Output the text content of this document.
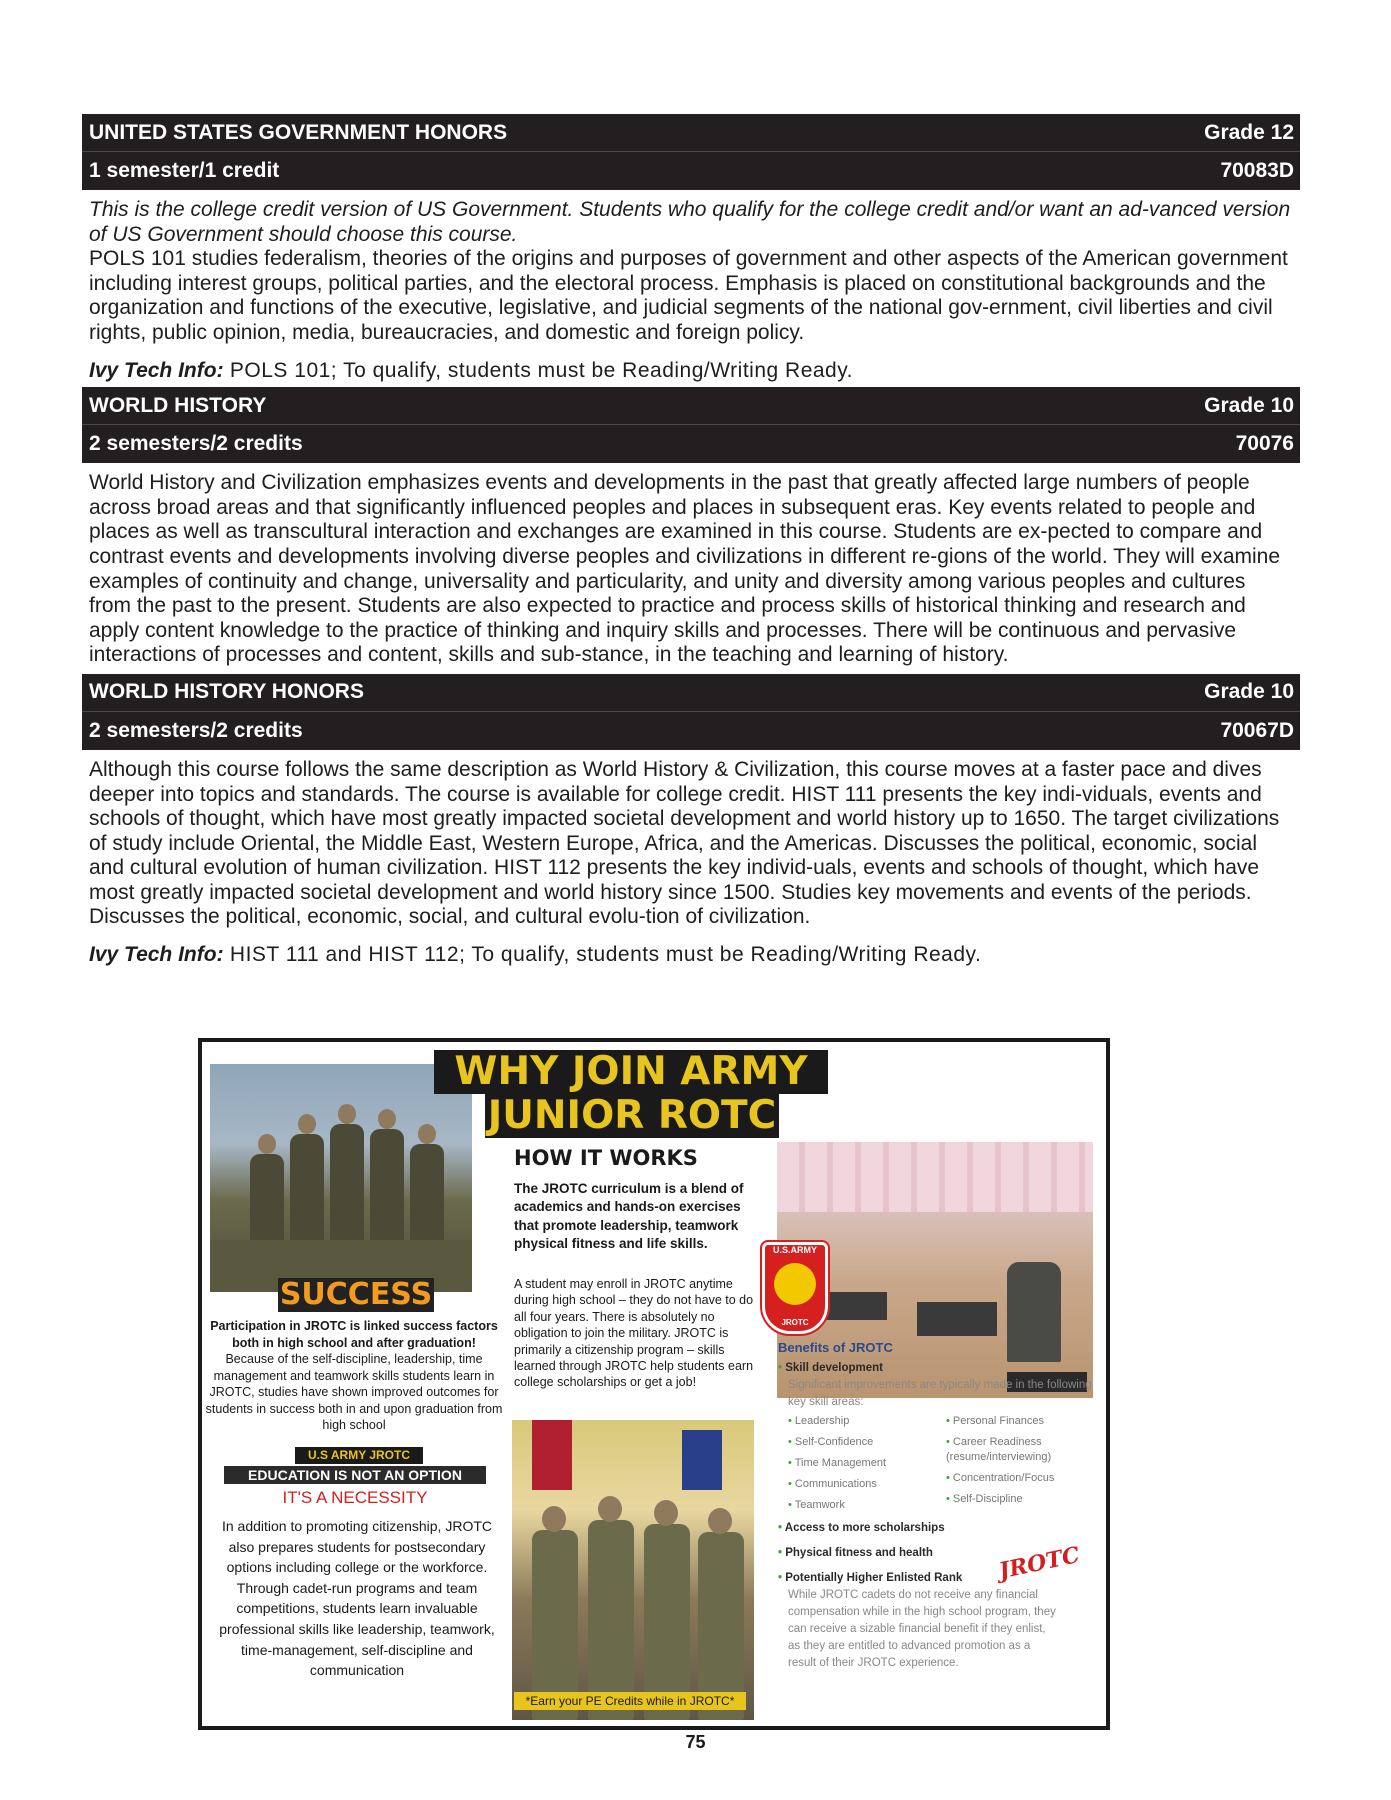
UNITED STATES GOVERNMENT HONORS	Grade 12
1 semester/1 credit	70083D

This is the college credit version of US Government. Students who qualify for the college credit and/or want an ad-vanced version of US Government should choose this course.

POLS 101 studies federalism, theories of the origins and purposes of government and other aspects of the American government including interest groups, political parties, and the electoral process. Emphasis is placed on constitutional backgrounds and the organization and functions of the executive, legislative, and judicial segments of the national gov-ernment, civil liberties and civil rights, public opinion, media, bureaucracies, and domestic and foreign policy.

Ivy Tech Info: POLS 101; To qualify, students must be Reading/Writing Ready.

WORLD HISTORY	Grade 10
2 semesters/2 credits	70076

World History and Civilization emphasizes events and developments in the past that greatly affected large numbers of people across broad areas and that significantly influenced peoples and places in subsequent eras. Key events related to people and places as well as transcultural interaction and exchanges are examined in this course. Students are ex-pected to compare and contrast events and developments involving diverse peoples and civilizations in different re-gions of the world. They will examine examples of continuity and change, universality and particularity, and unity and diversity among various peoples and cultures from the past to the present. Students are also expected to practice and process skills of historical thinking and research and apply content knowledge to the practice of thinking and inquiry skills and processes. There will be continuous and pervasive interactions of processes and content, skills and sub-stance, in the teaching and learning of history.

WORLD HISTORY HONORS	Grade 10
2 semesters/2 credits	70067D

Although this course follows the same description as World History & Civilization, this course moves at a faster pace and dives deeper into topics and standards. The course is available for college credit. HIST 111 presents the key indi-viduals, events and schools of thought, which have most greatly impacted societal development and world history up to 1650. The target civilizations of study include Oriental, the Middle East, Western Europe, Africa, and the Americas. Discusses the political, economic, social and cultural evolution of human civilization. HIST 112 presents the key individ-uals, events and schools of thought, which have most greatly impacted societal development and world history since 1500. Studies key movements and events of the periods. Discusses the political, economic, social, and cultural evolu-tion of civilization.

Ivy Tech Info: HIST 111 and HIST 112; To qualify, students must be Reading/Writing Ready.

WHY JOIN ARMY
JUNIOR ROTC
SUCCESS
Participation in JROTC is linked success factors both in high school and after graduation!
Because of the self-discipline, leadership, time management and teamwork skills students learn in JROTC, studies have shown improved outcomes for students in success both in and upon graduation from high school
U.S ARMY JROTC
EDUCATION IS NOT AN OPTION
IT'S A NECESSITY
In addition to promoting citizenship, JROTC also prepares students for postsecondary options including college or the workforce. Through cadet-run programs and team competitions, students learn invaluable professional skills like leadership, teamwork, time-management, self-discipline and communication
HOW IT WORKS
The JROTC curriculum is a blend of academics and hands-on exercises that promote leadership, teamwork physical fitness and life skills.
A student may enroll in JROTC anytime during high school – they do not have to do all four years. There is absolutely no obligation to join the military. JROTC is primarily a citizenship program – skills learned through JROTC help students earn college scholarships or get a job!
*Earn your PE Credits while in JROTC*
U.S.ARMY
JROTC
Benefits of JROTC
• Skill development
Significant improvements are typically made in the following key skill areas:
• Leadership
• Self-Confidence
• Time Management
• Communications
• Teamwork
• Personal Finances
• Career Readiness (resume/interviewing)
• Concentration/Focus
• Self-Discipline
• Access to more scholarships
• Physical fitness and health
• Potentially Higher Enlisted Rank
While JROTC cadets do not receive any financial compensation while in the high school program, they can receive a sizable financial benefit if they enlist, as they are entitled to advanced promotion as a result of their JROTC experience.
JROTC
75
